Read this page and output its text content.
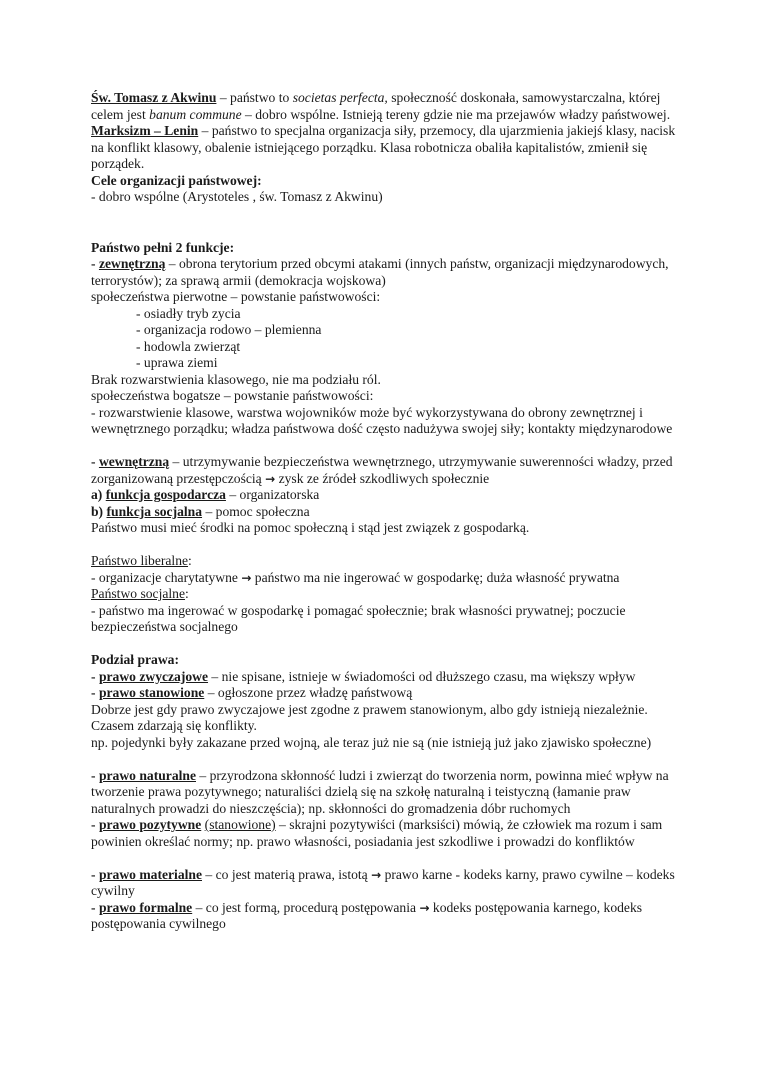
Św. Tomasz z Akwinu – państwo to societas perfecta, społeczność doskonała, samowystarczalna, której celem jest banum commune – dobro wspólne. Istnieją tereny gdzie nie ma przejawów władzy państwowej.

Marksizm – Lenin – państwo to specjalna organizacja siły, przemocy, dla ujarzmienia jakiejś klasy, nacisk na konflikt klasowy, obalenie istniejącego porządku. Klasa robotnicza obaliła kapitalistów, zmienił się porządek.

Cele organizacji państwowej:

- dobro wspólne (Arystoteles , św. Tomasz z Akwinu)

Państwo pełni 2 funkcje:

- zewnętrzną – obrona terytorium przed obcymi atakami (innych państw, organizacji międzynarodowych, terrorystów); za sprawą armii (demokracja wojskowa)

społeczeństwa pierwotne – powstanie państwowości:

- osiadły tryb zycia

- organizacja rodowo – plemienna

- hodowla zwierząt

- uprawa ziemi

Brak rozwarstwienia klasowego, nie ma podziału ról.

społeczeństwa bogatsze – powstanie państwowości:

- rozwarstwienie klasowe, warstwa wojowników może być wykorzystywana do obrony zewnętrznej i wewnętrznego porządku; władza państwowa dość często nadużywa swojej siły; kontakty międzynarodowe

- wewnętrzną – utrzymywanie bezpieczeństwa wewnętrznego, utrzymywanie suwerenności władzy, przed zorganizowaną przestępczością → zysk ze źródeł szkodliwych społecznie

a) funkcja gospodarcza – organizatorska

b) funkcja socjalna – pomoc społeczna

Państwo musi mieć środki na pomoc społeczną i stąd jest związek z gospodarką.

Państwo liberalne:

- organizacje charytatywne → państwo ma nie ingerować w gospodarkę; duża własność prywatna

Państwo socjalne:

- państwo ma ingerować w gospodarkę i pomagać społecznie; brak własności prywatnej; poczucie bezpieczeństwa socjalnego

Podział prawa:

- prawo zwyczajowe – nie spisane, istnieje w świadomości od dłuższego czasu, ma większy wpływ

- prawo stanowione – ogłoszone przez władzę państwową

Dobrze jest gdy prawo zwyczajowe jest zgodne z prawem stanowionym, albo gdy istnieją niezależnie. Czasem zdarzają się konflikty.

np. pojedynki były zakazane przed wojną, ale teraz już nie są (nie istnieją już jako zjawisko społeczne)

- prawo naturalne – przyrodzona skłonność ludzi i zwierząt do tworzenia norm, powinna mieć wpływ na tworzenie prawa pozytywnego; naturaliści dzielą się na szkołę naturalną i teistyczną (łamanie praw naturalnych prowadzi do nieszczęścia); np. skłonności do gromadzenia dóbr ruchomych

- prawo pozytywne (stanowione) – skrajni pozytywiści (marksiści) mówią, że człowiek ma rozum i sam powinien określać normy; np. prawo własności, posiadania jest szkodliwe i prowadzi do konfliktów

- prawo materialne – co jest materią prawa, istotą → prawo karne - kodeks karny, prawo cywilne – kodeks cywilny

- prawo formalne – co jest formą, procedurą postępowania → kodeks postępowania karnego, kodeks postępowania cywilnego
